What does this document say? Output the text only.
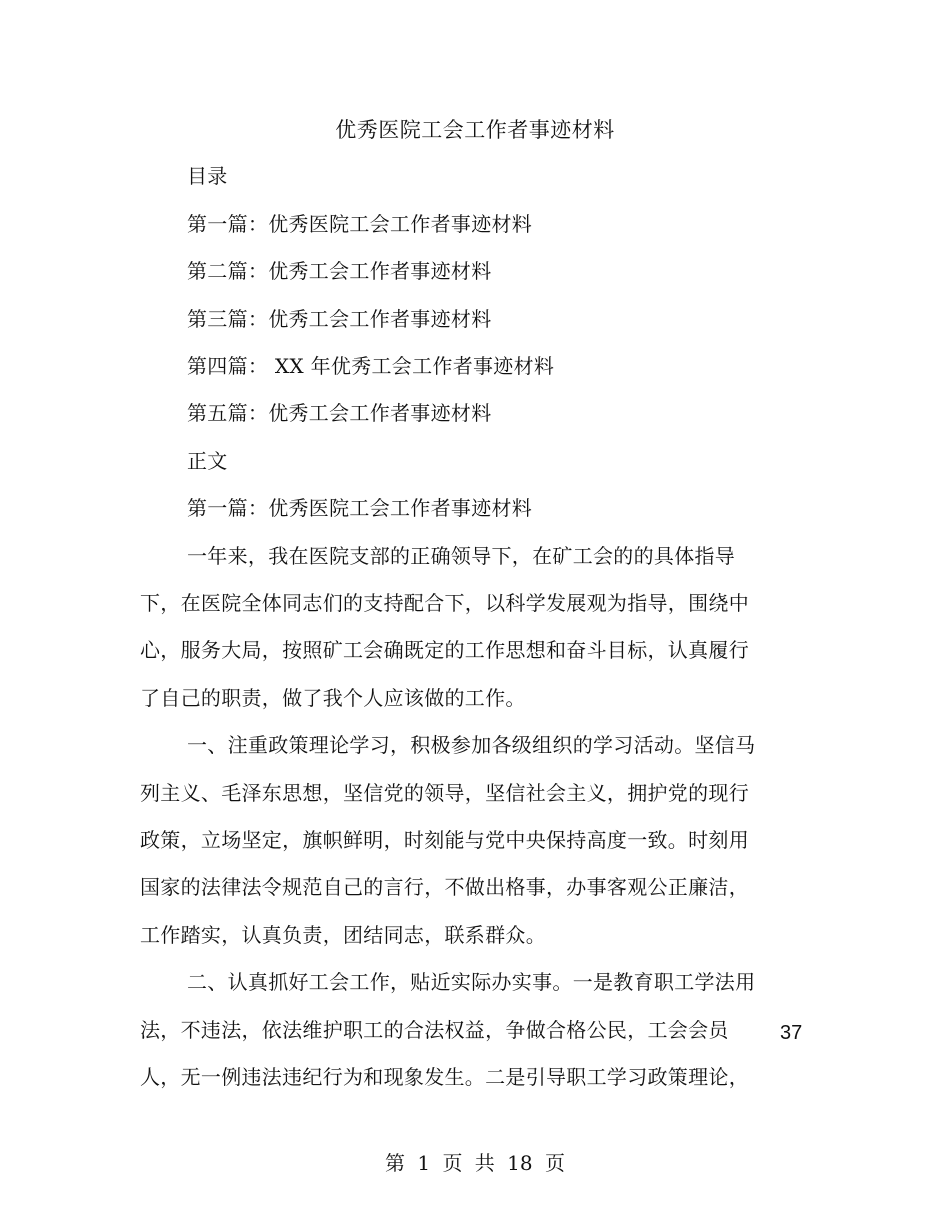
优秀医院工会工作者事迹材料
目录
第一篇：优秀医院工会工作者事迹材料
第二篇：优秀工会工作者事迹材料
第三篇：优秀工会工作者事迹材料
第四篇： XX 年优秀工会工作者事迹材料
第五篇：优秀工会工作者事迹材料
正文
第一篇：优秀医院工会工作者事迹材料
一年来，我在医院支部的正确领导下，在矿工会的的具体指导
下，在医院全体同志们的支持配合下，以科学发展观为指导，围绕中
心，服务大局，按照矿工会确既定的工作思想和奋斗目标，认真履行
了自己的职责，做了我个人应该做的工作。
一、注重政策理论学习，积极参加各级组织的学习活动。坚信马
列主义、毛泽东思想，坚信党的领导，坚信社会主义，拥护党的现行
政策，立场坚定，旗帜鲜明，时刻能与党中央保持高度一致。时刻用
国家的法律法令规范自己的言行，不做出格事，办事客观公正廉洁，
工作踏实，认真负责，团结同志，联系群众。
二、认真抓好工会工作，贴近实际办实事。一是教育职工学法用
法，不违法，依法维护职工的合法权益，争做合格公民，工会会员	37
人，无一例违法违纪行为和现象发生。二是引导职工学习政策理论，
第 1 页 共 18 页
